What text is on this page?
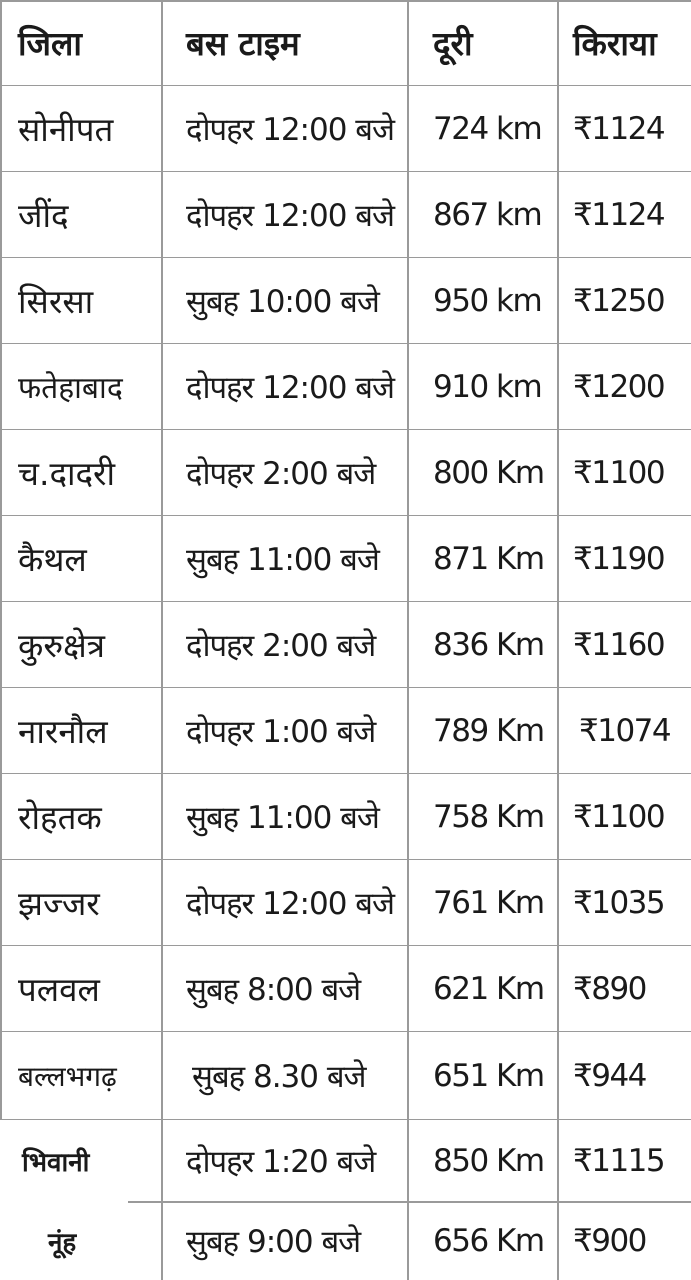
जिला	बस टाइम	दूरी	किराया
सोनीपत	दोपहर 12:00 बजे	724 km	₹1124
जींद	दोपहर 12:00 बजे	867 km	₹1124
सिरसा	सुबह 10:00 बजे	950 km	₹1250
फतेहाबाद	दोपहर 12:00 बजे	910 km	₹1200
च.दादरी	दोपहर 2:00 बजे	800 Km ₹1100
कैथल	सुबह 11:00 बजे	871 Km ₹1190
कुरुक्षेत्र	दोपहर 2:00 बजे	836 Km ₹1160
नारनौल	दोपहर 1:00 बजे	789 Km	₹1074
रोहतक	सुबह 11:00 बजे	758 Km ₹1100
झज्जर	दोपहर 12:00 बजे	761 Km ₹1035
पलवल	सुबह 8:00 बजे	621 Km ₹890
बल्लभगढ़	सुबह 8.30 बजे	651 Km ₹944
भिवानी	दोपहर 1:20 बजे	850 Km ₹1115
नूंह	सुबह 9:00 बजे	656 Km ₹900
